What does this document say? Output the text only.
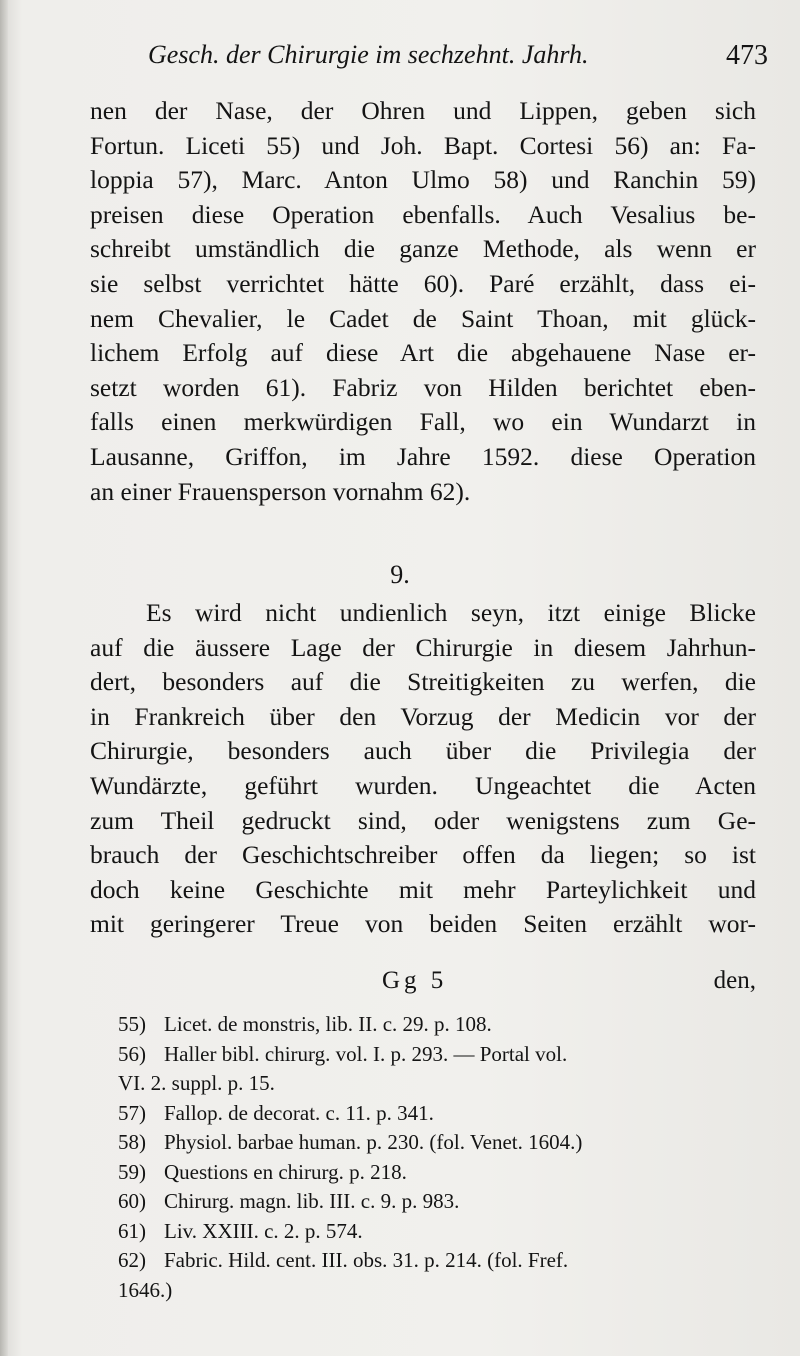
Gesch. der Chirurgie im sechzehnt. Jahrh.	473
nen der Nase, der Ohren und Lippen, geben sich
Fortun. Liceti 55) und Joh. Bapt. Cortesi 56) an: Fa-
loppia 57), Marc. Anton Ulmo 58) und Ranchin 59)
preisen diese Operation ebenfalls. Auch Vesalius be-
schreibt umständlich die ganze Methode, als wenn er
sie selbst verrichtet hätte 60). Paré erzählt, dass ei-
nem Chevalier, le Cadet de Saint Thoan, mit glück-
lichem Erfolg auf diese Art die abgehauene Nase er-
setzt worden 61). Fabriz von Hilden berichtet eben-
falls einen merkwürdigen Fall, wo ein Wundarzt in
Lausanne, Griffon, im Jahre 1592. diese Operation
an einer Frauensperson vornahm 62).
9.
Es wird nicht undienlich seyn, itzt einige Blicke
auf die äussere Lage der Chirurgie in diesem Jahrhun-
dert, besonders auf die Streitigkeiten zu werfen, die
in Frankreich über den Vorzug der Medicin vor der
Chirurgie, besonders auch über die Privilegia der
Wundärzte, geführt wurden. Ungeachtet die Acten
zum Theil gedruckt sind, oder wenigstens zum Ge-
brauch der Geschichtschreiber offen da liegen; so ist
doch keine Geschichte mit mehr Parteylichkeit und
mit geringerer Treue von beiden Seiten erzählt wor-
Gg 5	den,
55) Licet. de monstris, lib. II. c. 29. p. 108.
56) Haller bibl. chirurg. vol. I. p. 293. — Portal vol.
VI. 2. suppl. p. 15.
57) Fallop. de decorat. c. 11. p. 341.
58) Physiol. barbae human. p. 230. (fol. Venet. 1604.)
59) Questions en chirurg. p. 218.
60) Chirurg. magn. lib. III. c. 9. p. 983.
61) Liv. XXIII. c. 2. p. 574.
62) Fabric. Hild. cent. III. obs. 31. p. 214. (fol. Fref.
1646.)
